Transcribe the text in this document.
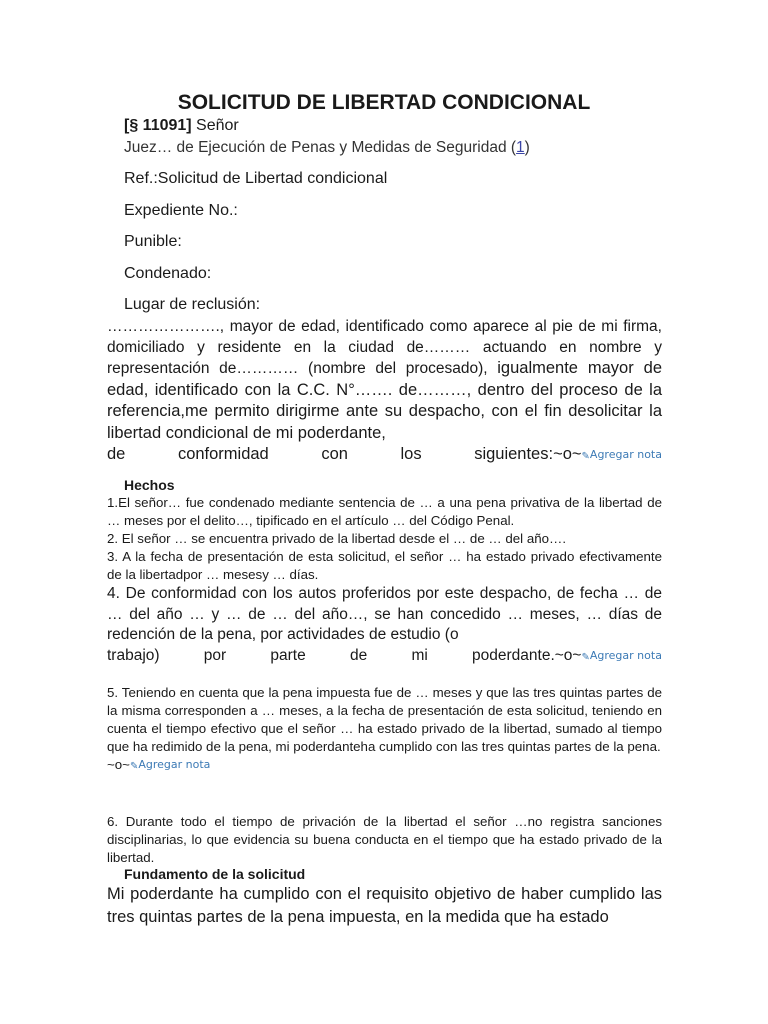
SOLICITUD DE LIBERTAD CONDICIONAL

[§ 11091] Señor

Juez… de Ejecución de Penas y Medidas de Seguridad (1)

Ref.:Solicitud de Libertad condicional

Expediente No.:

Punible:

Condenado:

Lugar de reclusión:

…………………., mayor de edad, identificado como aparece al pie de mi firma, domiciliado y residente en la ciudad de……… actuando en nombre y representación de………… (nombre del procesado), igualmente mayor de edad, identificado con la C.C. N°……. de………, dentro del proceso de la referencia,me permito dirigirme ante su despacho, con el fin desolicitar la libertad condicional de mi poderdante,
de	conformidad	con	los	siguientes:~o~✎Agregar nota

Hechos

1.El señor… fue condenado mediante sentencia de … a una pena privativa de la libertad de … meses por el delito…, tipificado en el artículo … del Código Penal.

2. El señor … se encuentra privado de la libertad desde el … de … del año….

3. A la fecha de presentación de esta solicitud, el señor … ha estado privado efectivamente de la libertadpor … mesesy … días.

4. De conformidad con los autos proferidos por este despacho, de fecha … de … del año … y … de … del año…, se han concedido … meses, … días de redención de la pena, por actividades de estudio (o
trabajo)	por	parte	de	mi	poderdante.~o~✎Agregar nota
5. Teniendo en cuenta que la pena impuesta fue de … meses y que las tres quintas partes de la misma corresponden a … meses, a la fecha de presentación de esta solicitud, teniendo en cuenta el tiempo efectivo que el señor … ha estado privado de la libertad, sumado al tiempo que ha redimido de la pena, mi poderdanteha cumplido con las tres quintas partes de la pena.
~o~✎Agregar nota

6. Durante todo el tiempo de privación de la libertad el señor …no registra sanciones disciplinarias, lo que evidencia su buena conducta en el tiempo que ha estado privado de la libertad.

Fundamento de la solicitud

Mi poderdante ha cumplido con el requisito objetivo de haber cumplido las tres quintas partes de la pena impuesta, en la medida que ha estado
